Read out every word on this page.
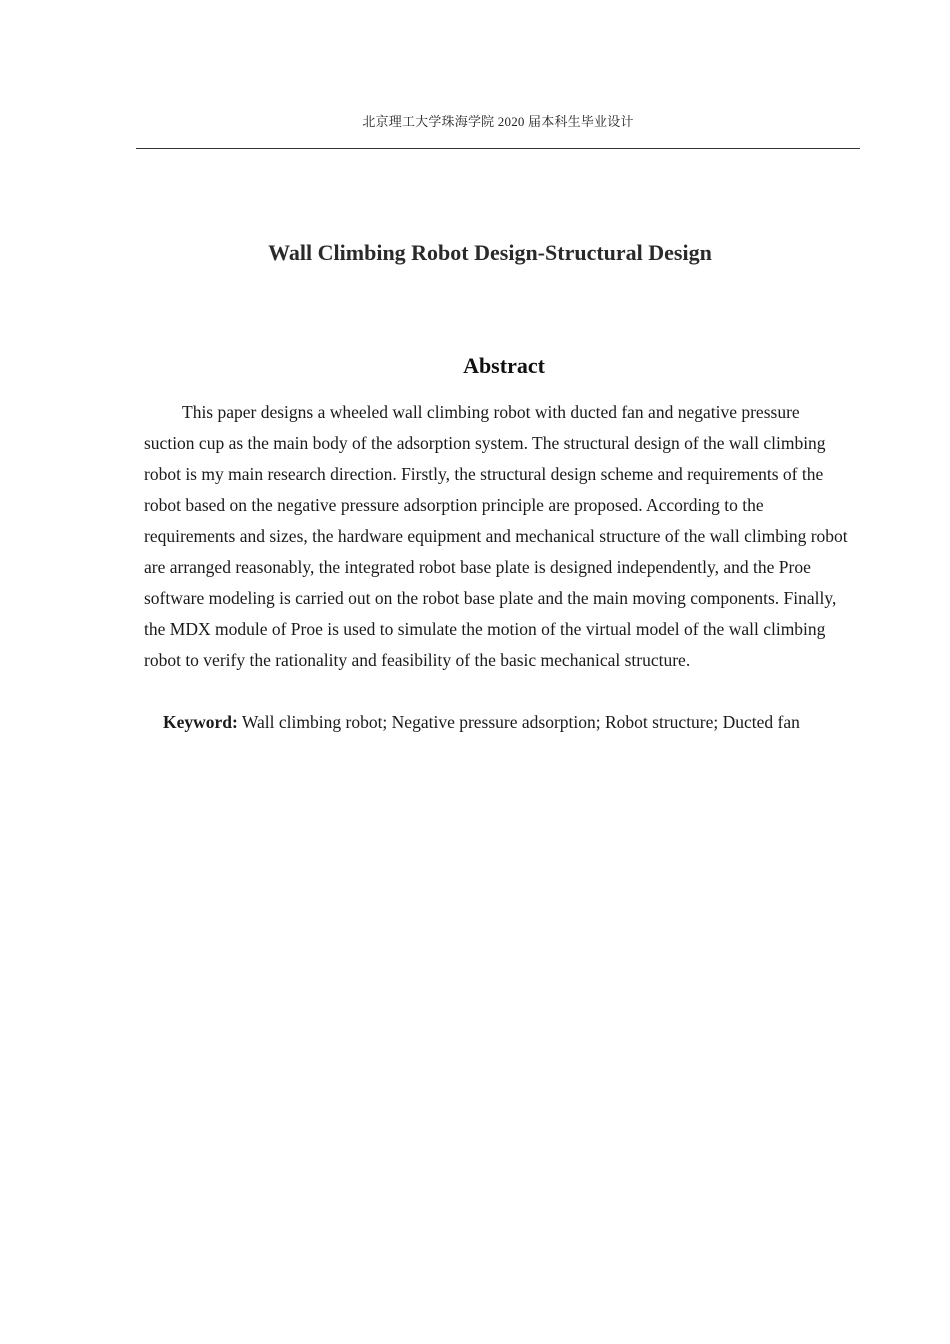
北京理工大学珠海学院 2020 届本科生毕业设计
Wall Climbing Robot Design-Structural Design
Abstract

This paper designs a wheeled wall climbing robot with ducted fan and negative pressure suction cup as the main body of the adsorption system. The structural design of the wall climbing robot is my main research direction. Firstly, the structural design scheme and requirements of the robot based on the negative pressure adsorption principle are proposed. According to the requirements and sizes, the hardware equipment and mechanical structure of the wall climbing robot are arranged reasonably, the integrated robot base plate is designed independently, and the Proe software modeling is carried out on the robot base plate and the main moving components. Finally, the MDX module of Proe is used to simulate the motion of the virtual model of the wall climbing robot to verify the rationality and feasibility of the basic mechanical structure.

Keyword: Wall climbing robot; Negative pressure adsorption; Robot structure; Ducted fan
